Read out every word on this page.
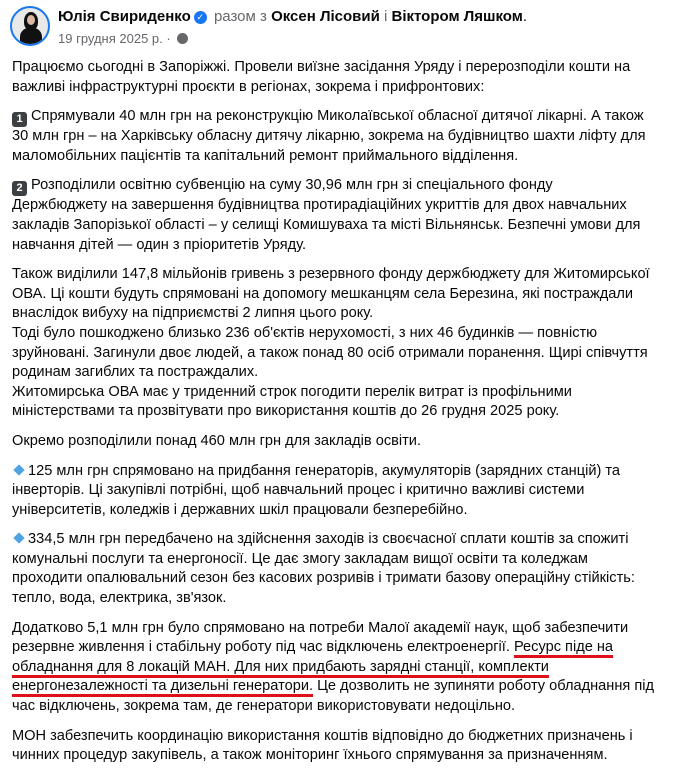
Юлія Свириденко ✓ разом з Оксен Лісовий і Віктором Ляшком.
19 грудня 2025 р. ·
Працюємо сьогодні в Запоріжжі. Провели виїзне засідання Уряду і перерозподіли кошти на
важливі інфраструктурні проєкти в регіонах, зокрема і прифронтових:
1 Спрямували 40 млн грн на реконструкцію Миколаївської обласної дитячої лікарні. А також
30 млн грн – на Харківську обласну дитячу лікарню, зокрема на будівництво шахти ліфту для
маломобільних пацієнтів та капітальний ремонт приймального відділення.
2 Розподілили освітню субвенцію на суму 30,96 млн грн зі спеціального фонду
Держбюджету на завершення будівництва протирадіаційних укриттів для двох навчальних
закладів Запорізької області – у селищі Комишуваха та місті Вільнянськ. Безпечні умови для
навчання дітей — один з пріоритетів Уряду.
Також виділили 147,8 мільйонів гривень з резервного фонду держбюджету для Житомирської
ОВА. Ці кошти будуть спрямовані на допомогу мешканцям села Березина, які постраждали
внаслідок вибуху на підприємстві 2 липня цього року.
Тоді було пошкоджено близько 236 об'єктів нерухомості, з них 46 будинків — повністю
зруйновані. Загинули двоє людей, а також понад 80 осіб отримали поранення. Щирі співчуття
родинам загиблих та постраждалих.
Житомирська ОВА має у триденний строк погодити перелік витрат із профільними
міністерствами та прозвітувати про використання коштів до 26 грудня 2025 року.
Окремо розподілили понад 460 млн грн для закладів освіти.
125 млн грн спрямовано на придбання генераторів, акумуляторів (зарядних станцій) та
інверторів. Ці закупівлі потрібні, щоб навчальний процес і критично важливі системи
університетів, коледжів і державних шкіл працювали безперебійно.
334,5 млн грн передбачено на здійснення заходів із своєчасної сплати коштів за спожиті
комунальні послуги та енергоносії. Це дає змогу закладам вищої освіти та коледжам
проходити опалювальний сезон без касових розривів і тримати базову операційну стійкість:
тепло, вода, електрика, зв'язок.
Додатково 5,1 млн грн було спрямовано на потреби Малої академії наук, щоб забезпечити
резервне живлення і стабільну роботу під час відключень електроенергії. Ресурс піде на
обладнання для 8 локацій МАН. Для них придбають зарядні станції, комплекти
енергонезалежності та дизельні генератори. Це дозволить не зупиняти роботу обладнання під
час відключень, зокрема там, де генератори використовувати недоцільно.
МОН забезпечить координацію використання коштів відповідно до бюджетних призначень і
чинних процедур закупівель, а також моніторинг їхнього спрямування за призначенням.
